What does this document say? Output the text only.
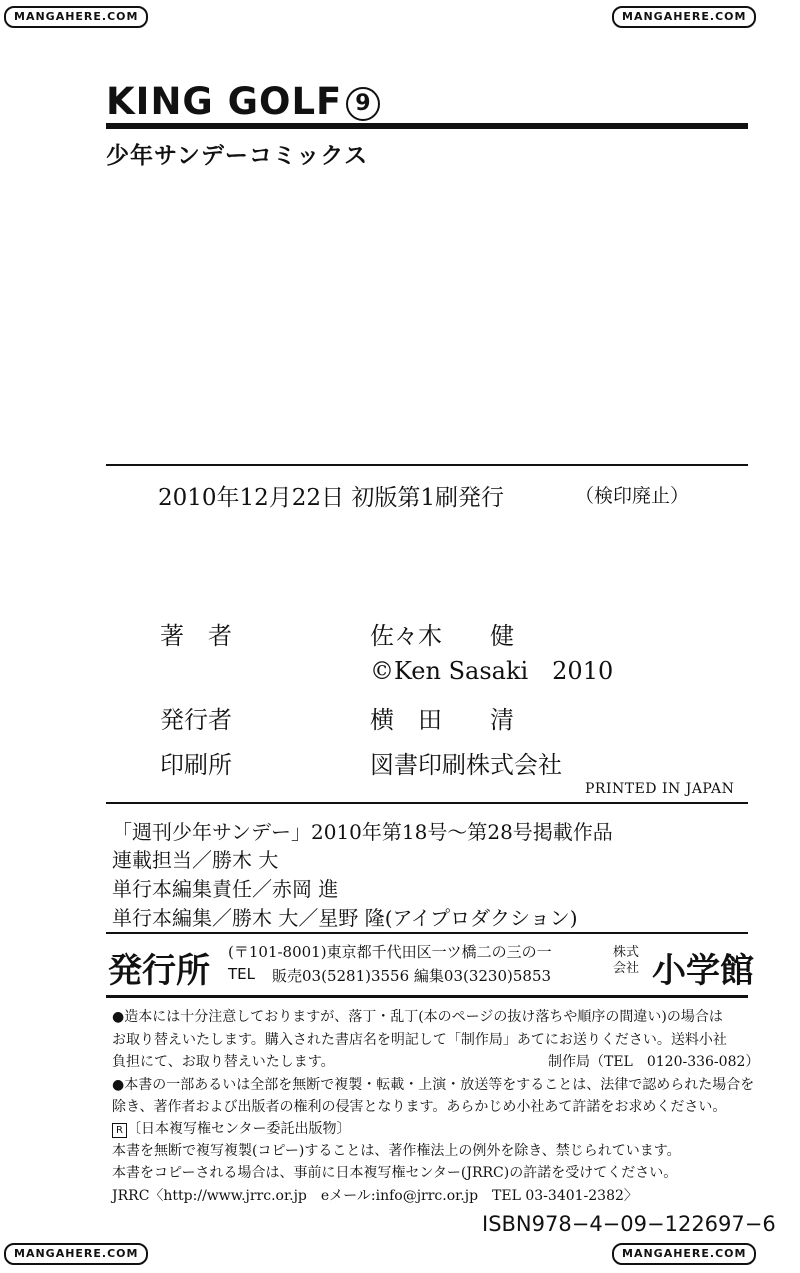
MANGAHERE.COM	MANGAHERE.COM
MANGAHERE.COM	MANGAHERE.COM
KING GOLF 9
少年サンデーコミックス
2010年12月22日 初版第1刷発行	（検印廃止）
著　者	佐々木　　健
©Ken Sasaki　2010
発行者	横　田　　清
印刷所	図書印刷株式会社
PRINTED IN JAPAN
「週刊少年サンデー」2010年第18号〜第28号掲載作品
連載担当／勝木 大
単行本編集責任／赤岡 進
単行本編集／勝木 大／星野 隆(アイプロダクション)
発行所 (〒101-8001)東京都千代田区一ツ橋二の三の一
TEL 販売03(5281)3556 編集03(3230)5853
株式
会社 小学館
●造本には十分注意しておりますが、落丁・乱丁(本のページの抜け落ちや順序の間違い)の場合は
お取り替えいたします。購入された書店名を明記して「制作局」あてにお送りください。送料小社
負担にて、お取り替えいたします。	制作局（TEL　0120-336-082）
●本書の一部あるいは全部を無断で複製・転載・上演・放送等をすることは、法律で認められた場合を
除き、著作者および出版者の権利の侵害となります。あらかじめ小社あて許諾をお求めください。
R 〔日本複写権センター委託出版物〕
本書を無断で複写複製(コピー)することは、著作権法上の例外を除き、禁じられています。
本書をコピーされる場合は、事前に日本複写権センター(JRRC)の許諾を受けてください。
JRRC〈http://www.jrrc.or.jp　eメール:info@jrrc.or.jp　TEL 03-3401-2382〉
ISBN978−4−09−122697−6
